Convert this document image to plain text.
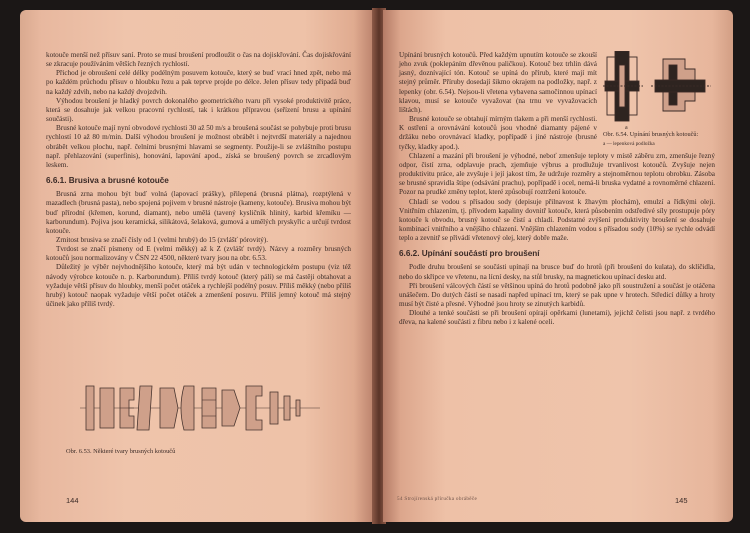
kotouče menší než přísuv saní. Proto se musí broušení prodloužit o čas na dojiskřování. Čas dojiskřování se zkracuje používáním větších řezných rychlostí.

Přichod je obroušení celé délky podélným posuvem kotouče, který se buď vrací hned zpět, nebo má po každém průchodu přísuv o hloubku řezu a pak teprve projde po délce. Jelen přísuv tedy připadá buď na každý zdvih, nebo na každý dvojzdvih.

Výhodou broušení je hladký povrch dokonalého geometrického tvaru při vysoké produktivitě práce, která se dosahuje jak velkou pracovní rychlostí, tak i krátkou přípravou (seřízení brusu a upínání součásti).

Brusné kotouče mají nyní obvodové rychlosti 30 až 50 m/s a broušená součást se pohybuje proti brusu rychlostí 10 až 80 m/min. Další výhodou broušení je možnost obrábět i nejtvrdší materiály a najednou obrábět velkou plochu, např. čelními brusnými hlavami se segmenty. Použije-li se zvláštního postupu např. přehlazování (superfinis), honování, lapování apod., získá se broušený povrch se zrcadlovým leskem.

6.6.1. Brusiva a brusné kotouče

Brusná zrna mohou být buď volná (lapovací prášky), přilepená (brusná plátna), rozptýlená v mazadlech (brusná pasta), nebo spojená pojivem v brusné nástroje (kameny, kotouče). Brusiva mohou být buď přírodní (křemen, korund, diamant), nebo umělá (tavený kysličník hlinitý, karbid křemíku — karborundum). Pojiva jsou keramická, silikátová, šelaková, gumová a umělých pryskyřic a určují tvrdost kotouče.

Zrnitost brusiva se značí čísly od 1 (velmi hrubý) do 15 (zvlášť pórovitý).

Tvrdost se značí písmeny od E (velmi měkký) až k Z (zvlášť tvrdý). Názvy a rozměry brusných kotoučů jsou normalizovány v ČSN 22 4500, některé tvary jsou na obr. 6.53.

Důležitý je výběr nejvhodnějšího kotouče, který má být udán v technologickém postupu (viz též návody výrobce kotouče n. p. Karborundum). Příliš tvrdý kotouč (který pálí) se má častěji obtahovat a vyžaduje větší přísuv do hloubky, menší počet otáček a rychlejší podélný posuv. Příliš měkký (nebo příliš hrubý) kotouč naopak vyžaduje větší počet otáček a zmenšení posuvu. Příliš jemný kotouč má stejný účinek jako příliš tvrdý.

Obr. 6.53. Některé tvary brusných kotoučů
144
a
Obr. 6.54. Upínání brusných kotoučů:
a — lepenková podložka

Upínání brusných kotoučů. Před každým upnutím kotouče se zkouší jeho zvuk (poklepáním dřevěnou paličkou). Kotouč bez trhlin dává jasný, doznívající tón. Kotouč se upíná do přírub, které mají mít stejný průměr. Příruby dosedají šikmo okrajem na podložky, např. z lepenky (obr. 6.54). Nejsou-li vřetena vybavena samočinnou upínací klavou, musí se kotouče vyvažovat (na trnu ve vyvažovacích lištách).

Brusné kotouče se obtahují mírným tlakem a při menší rychlosti. K ostření a orovnávání kotoučů jsou vhodné diamanty pájené v držáku nebo orovnávací kladky, popřípadě i jiné nástroje (brusné tyčky, kladky apod.).

Chlazení a mazání při broušení je výhodné, neboť zmenšuje teploty v místě záběru zrn, zmenšuje řezný odpor, čistí zrna, odplavuje prach, zjemňuje výbrus a prodlužuje trvanlivost kotoučů. Zvyšuje nejen produktivitu práce, ale zvyšuje i její jakost tím, že udržuje rozměry a stejnoměrnou teplotu obrobku. Zásoba se brusné spravidla štípe (odsávání prachu), popřípadě i ocel, nemá-li bruska vydatné a rovnoměrné chlazení. Pozor na prudké změny teplot, které způsobují roztržení kotouče.

Chladí se vodou s přísadou sody (depisuje přilnavost k žhavým plochám), emulzí a řídkými oleji. Vnitřním chlazením, tj. přívodem kapaliny dovnitř kotouče, která působením odstředivé síly prostupuje póry kotouče k obvodu, brusný kotouč se čistí a chladí. Podstatné zvýšení produktivity broušení se dosahuje kombinací vnitřního a vnějšího chlazení. Vnějším chlazením vodou s přísadou sody (10%) se rychle odvádí teplo a zevnitř se přivádí vřetenový olej, který dobře maže.

6.6.2. Upínání součástí pro broušení

Podle druhu broušení se součásti upínají na brusce buď do hrotů (při broušení do kulata), do sklíčidla, nebo do skřipce ve vřetenu, na lícní desky, na stůl brusky, na magnetickou upínací desku atd.

Při broušení válcových částí se většinou upíná do hrotů podobně jako při soustružení a součást je otáčena unášečem. Do dutých částí se nasadí napřed upínací trn, který se pak upne v hrotech. Středicí důlky a hroty musí být čisté a přesné. Výhodné jsou hroty se zinutých karbidů.

Dlouhé a tenké součásti se při broušení opírají opěrkami (lunetami), jejichž čelisti jsou např. z tvrdého dřeva, na kalené součásti z fibru nebo i z kalené oceli.

54 Strojírenská příručka obráběče	145
